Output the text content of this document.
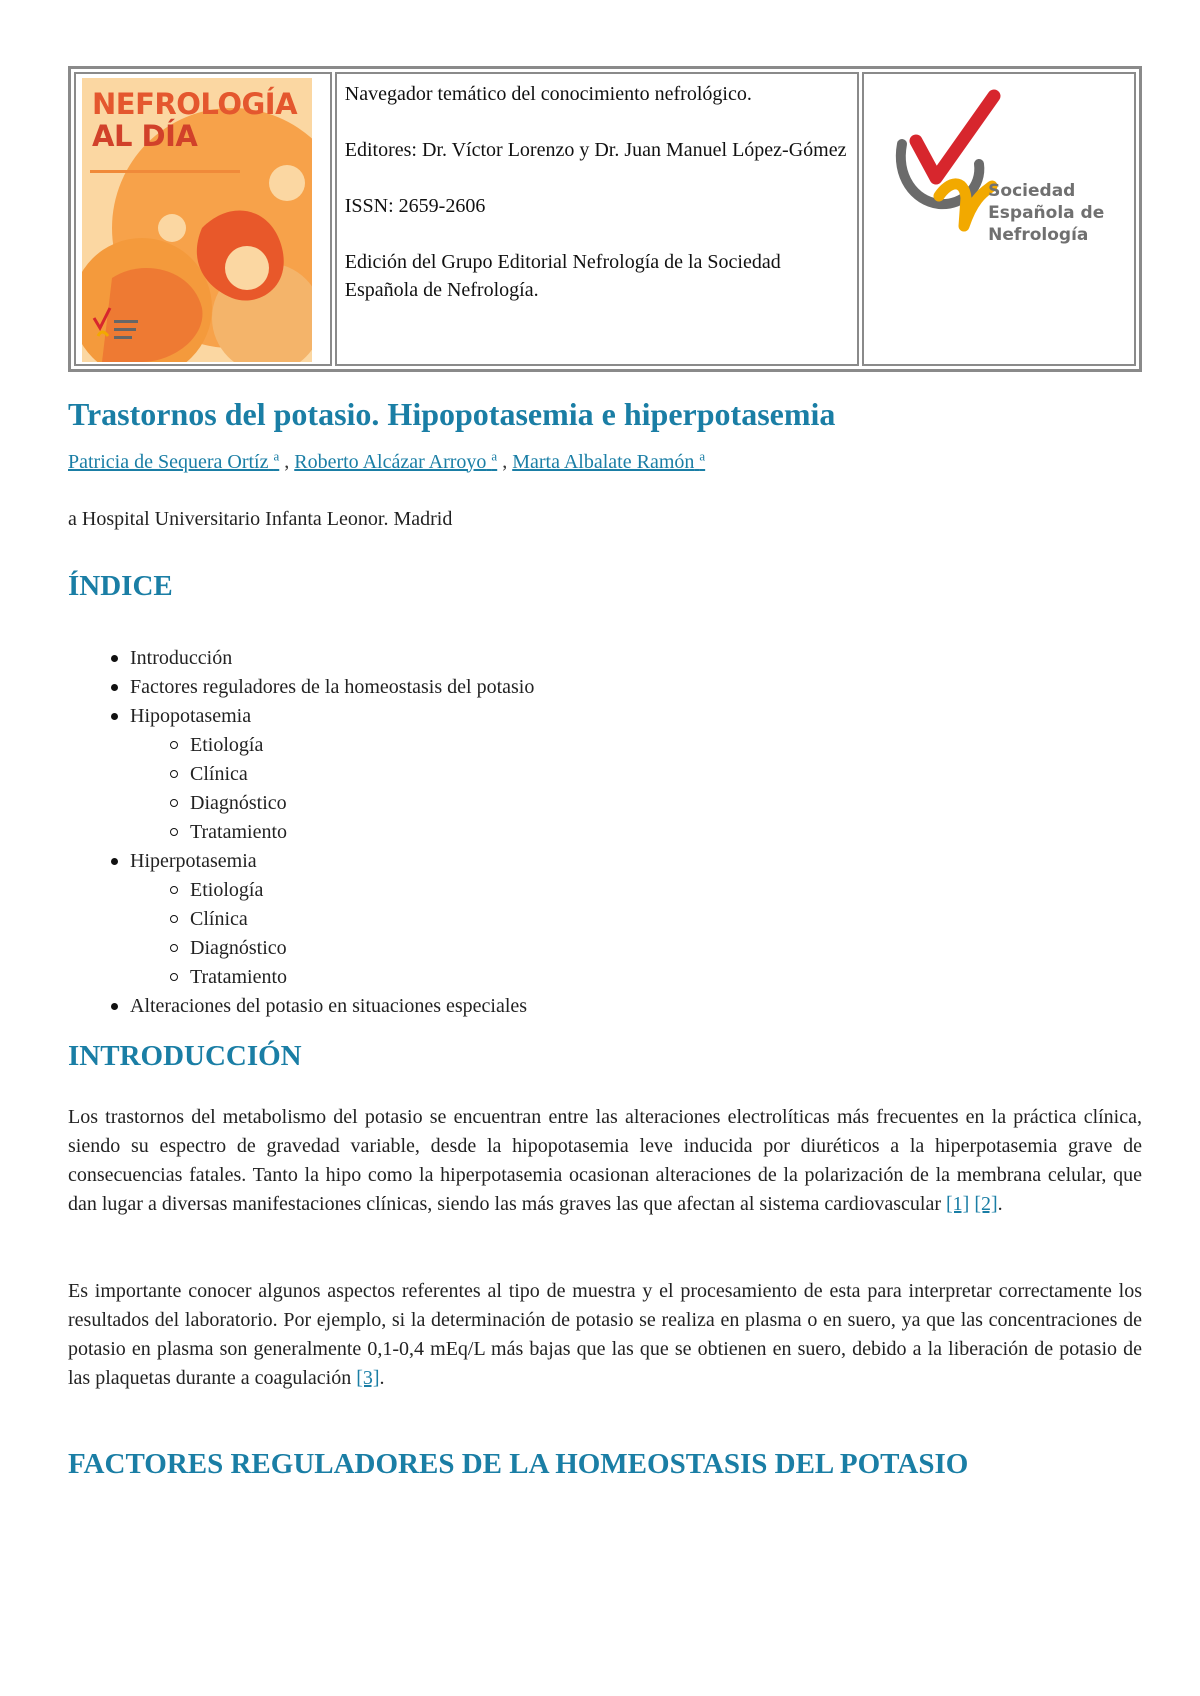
NEFROLOGÍA
AL DÍA

Navegador temático del conocimiento nefrológico.

Editores: Dr. Víctor Lorenzo y Dr. Juan Manuel López-Gómez

ISSN: 2659-2606

Edición del Grupo Editorial Nefrología de la Sociedad Española de Nefrología.

Sociedad
Española de
Nefrología

Trastornos del potasio. Hipopotasemia e hiperpotasemia

Patricia de Sequera Ortíz $^a$ , Roberto Alcázar Arroyo $^a$ , Marta Albalate Ramón $^a$

a Hospital Universitario Infanta Leonor. Madrid

ÍNDICE
Introducción
Factores reguladores de la homeostasis del potasio
Hipopotasemia
Etiología
Clínica
Diagnóstico
Tratamiento
Hiperpotasemia
Etiología
Clínica
Diagnóstico
Tratamiento
Alteraciones del potasio en situaciones especiales
INTRODUCCIÓN

Los trastornos del metabolismo del potasio se encuentran entre las alteraciones electrolíticas más frecuentes en la práctica clínica, siendo su espectro de gravedad variable, desde la hipopotasemia leve inducida por diuréticos a la hiperpotasemia grave de consecuencias fatales. Tanto la hipo como la hiperpotasemia ocasionan alteraciones de la polarización de la membrana celular, que dan lugar a diversas manifestaciones clínicas, siendo las más graves las que afectan al sistema cardiovascular [1] [2].

Es importante conocer algunos aspectos referentes al tipo de muestra y el procesamiento de esta para interpretar correctamente los resultados del laboratorio. Por ejemplo, si la determinación de potasio se realiza en plasma o en suero, ya que las concentraciones de potasio en plasma son generalmente 0,1-0,4 mEq/L más bajas que las que se obtienen en suero, debido a la liberación de potasio de las plaquetas durante a coagulación [3].

FACTORES REGULADORES DE LA HOMEOSTASIS DEL POTASIO
